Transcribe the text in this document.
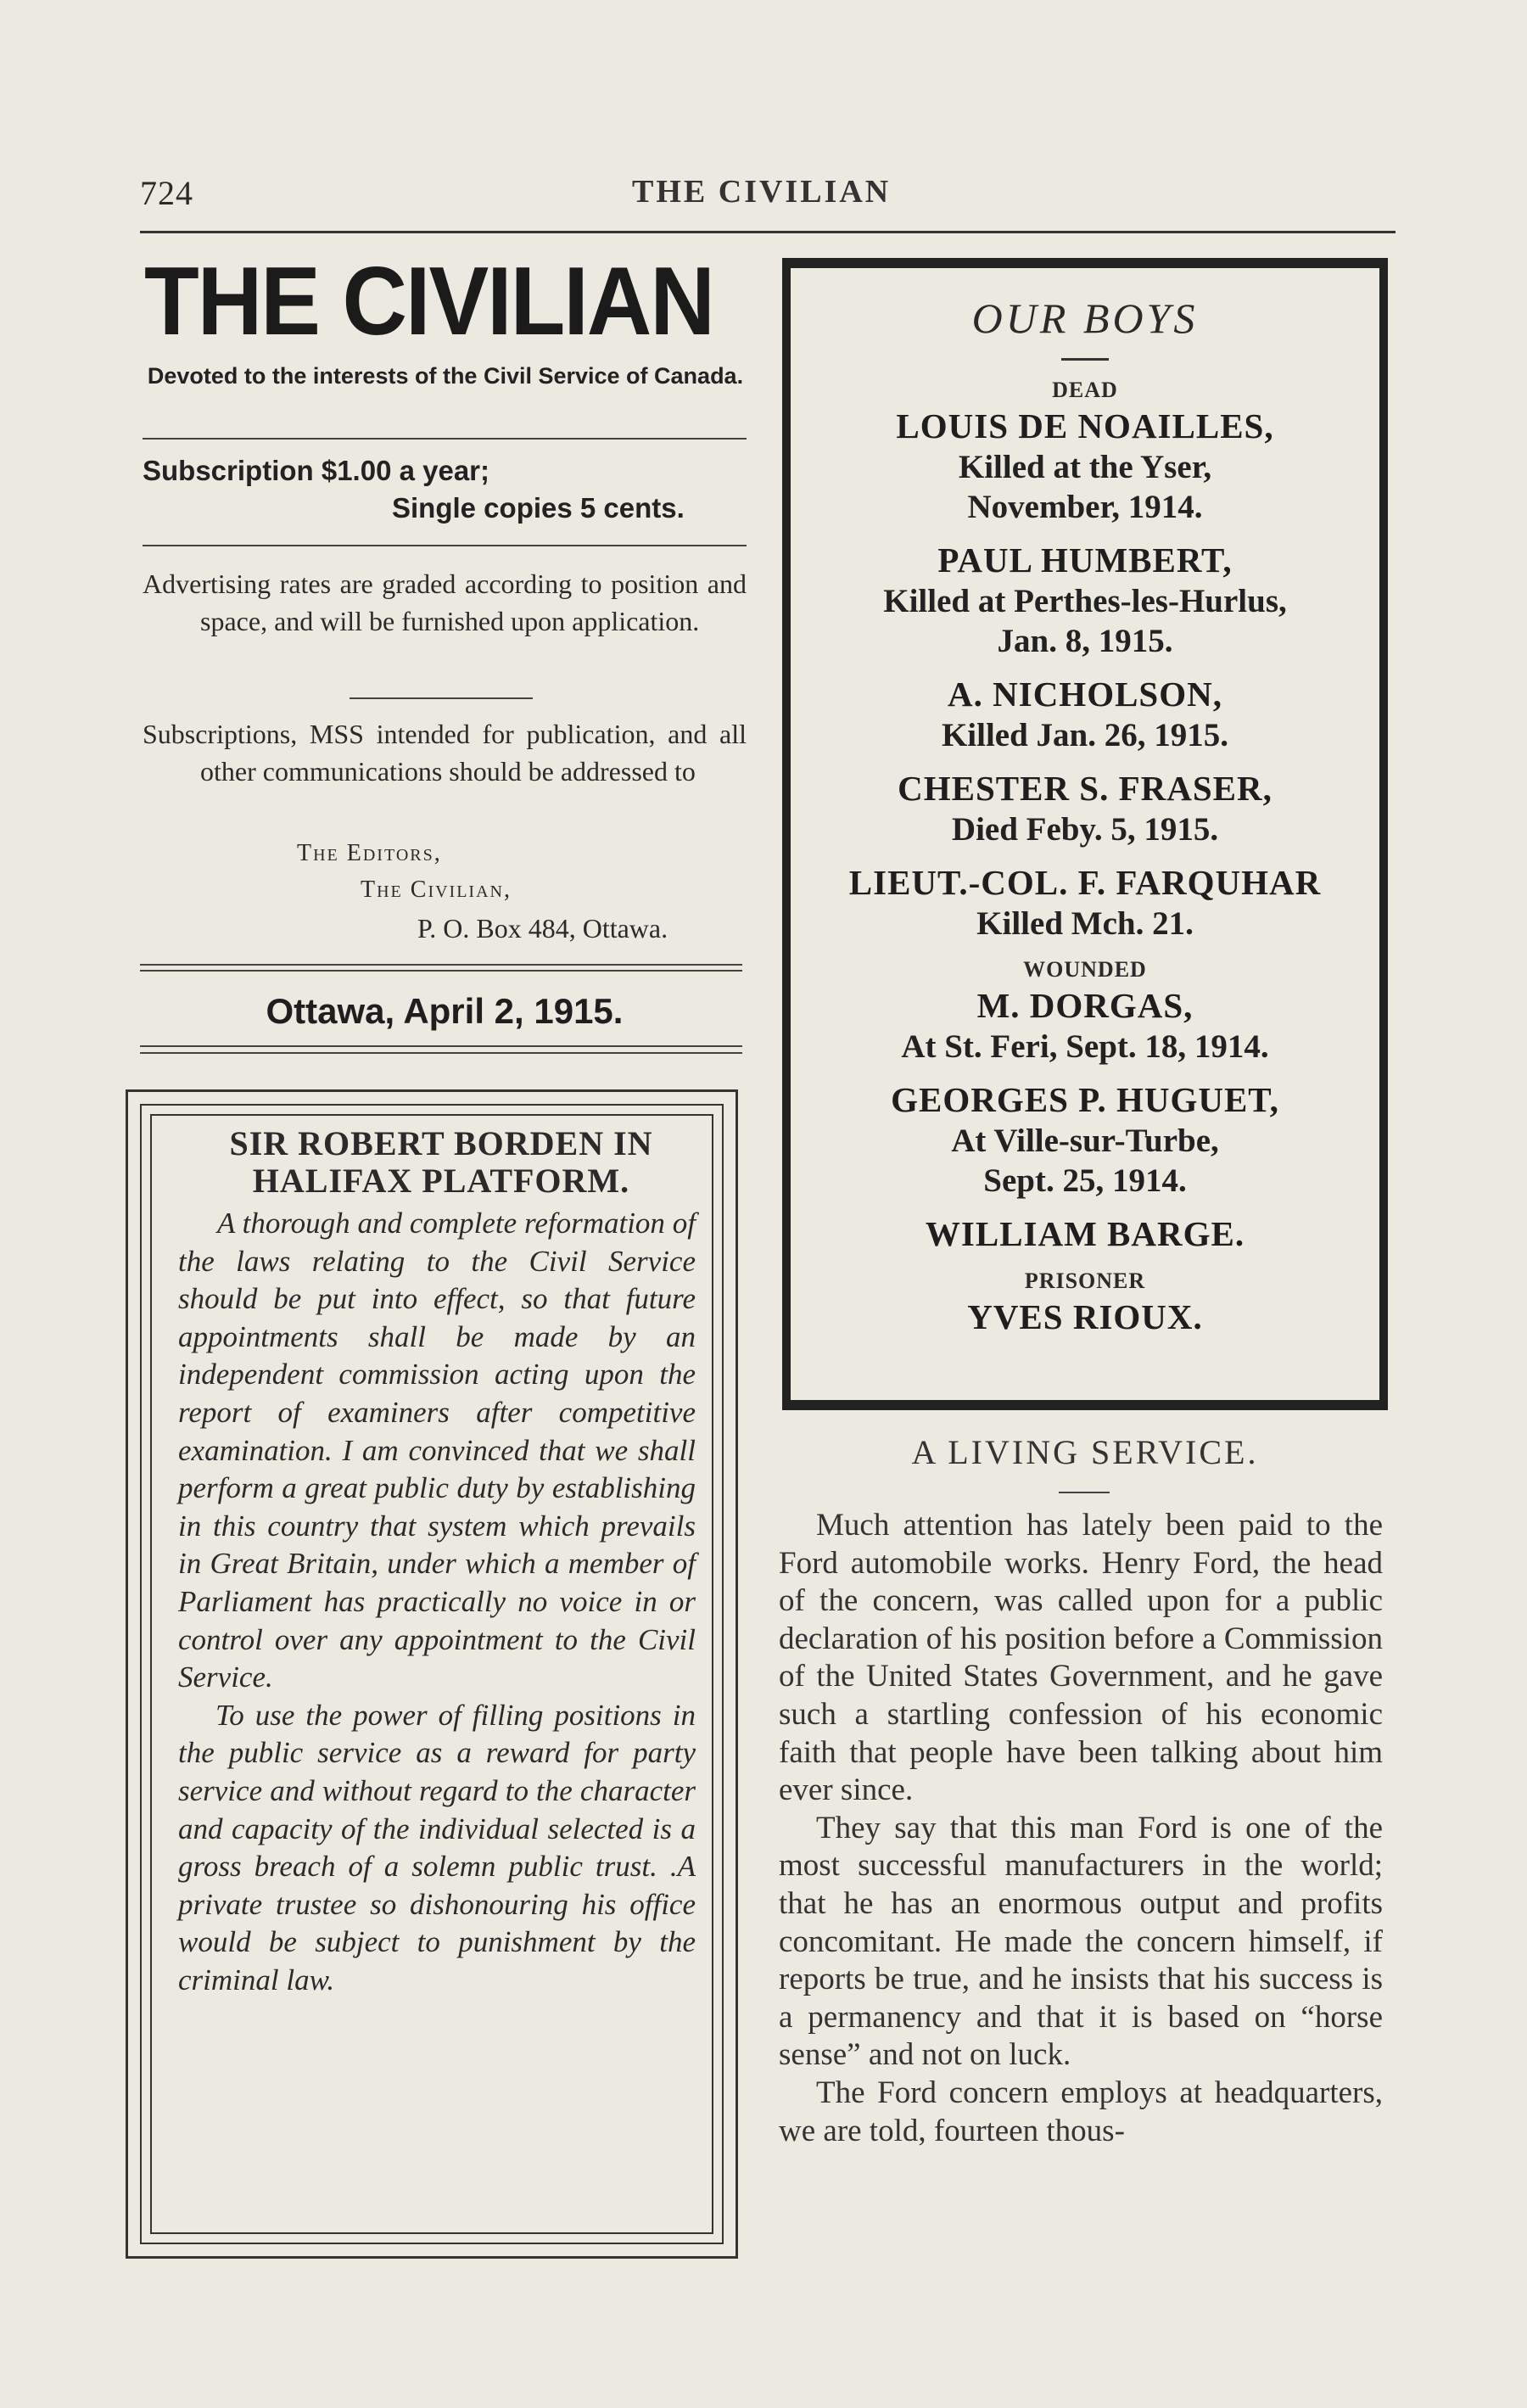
724	THE CIVILIAN
THE CIVILIAN
Devoted to the interests of the Civil Service of Canada.
Subscription $1.00 a year;
Single copies 5 cents.
Advertising rates are graded according to position and space, and will be furnished upon application.
Subscriptions, MSS intended for publication, and all other communications should be addressed to
The Editors,
The Civilian,
P. O. Box 484, Ottawa.
Ottawa, April 2, 1915.
SIR ROBERT BORDEN IN HALIFAX PLATFORM.

A thorough and complete reformation of the laws relating to the Civil Service should be put into effect, so that future appointments shall be made by an independent commission acting upon the report of examiners after competitive examination. I am convinced that we shall perform a great public duty by establishing in this country that system which prevails in Great Britain, under which a member of Parliament has practically no voice in or control over any appointment to the Civil Service.

To use the power of filling positions in the public service as a reward for party service and without regard to the character and capacity of the individual selected is a gross breach of a solemn public trust. .A private trustee so dishonouring his office would be subject to punishment by the criminal law.

OUR BOYS

DEAD

LOUIS DE NOAILLES,

Killed at the Yser,

November, 1914.

PAUL HUMBERT,

Killed at Perthes-les-Hurlus,

Jan. 8, 1915.

A. NICHOLSON,

Killed Jan. 26, 1915.

CHESTER S. FRASER,

Died Feby. 5, 1915.

LIEUT.-COL. F. FARQUHAR

Killed Mch. 21.

WOUNDED

M. DORGAS,

At St. Feri, Sept. 18, 1914.

GEORGES P. HUGUET,

At Ville-sur-Turbe,

Sept. 25, 1914.

WILLIAM BARGE.

PRISONER

YVES RIOUX.

A LIVING SERVICE.

Much attention has lately been paid to the Ford automobile works. Henry Ford, the head of the concern, was called upon for a public declaration of his position before a Commission of the United States Government, and he gave such a startling confession of his economic faith that people have been talking about him ever since.

They say that this man Ford is one of the most successful manufacturers in the world; that he has an enormous output and profits concomitant. He made the concern himself, if reports be true, and he insists that his success is a permanency and that it is based on “horse sense” and not on luck.

The Ford concern employs at headquarters, we are told, fourteen thous-
